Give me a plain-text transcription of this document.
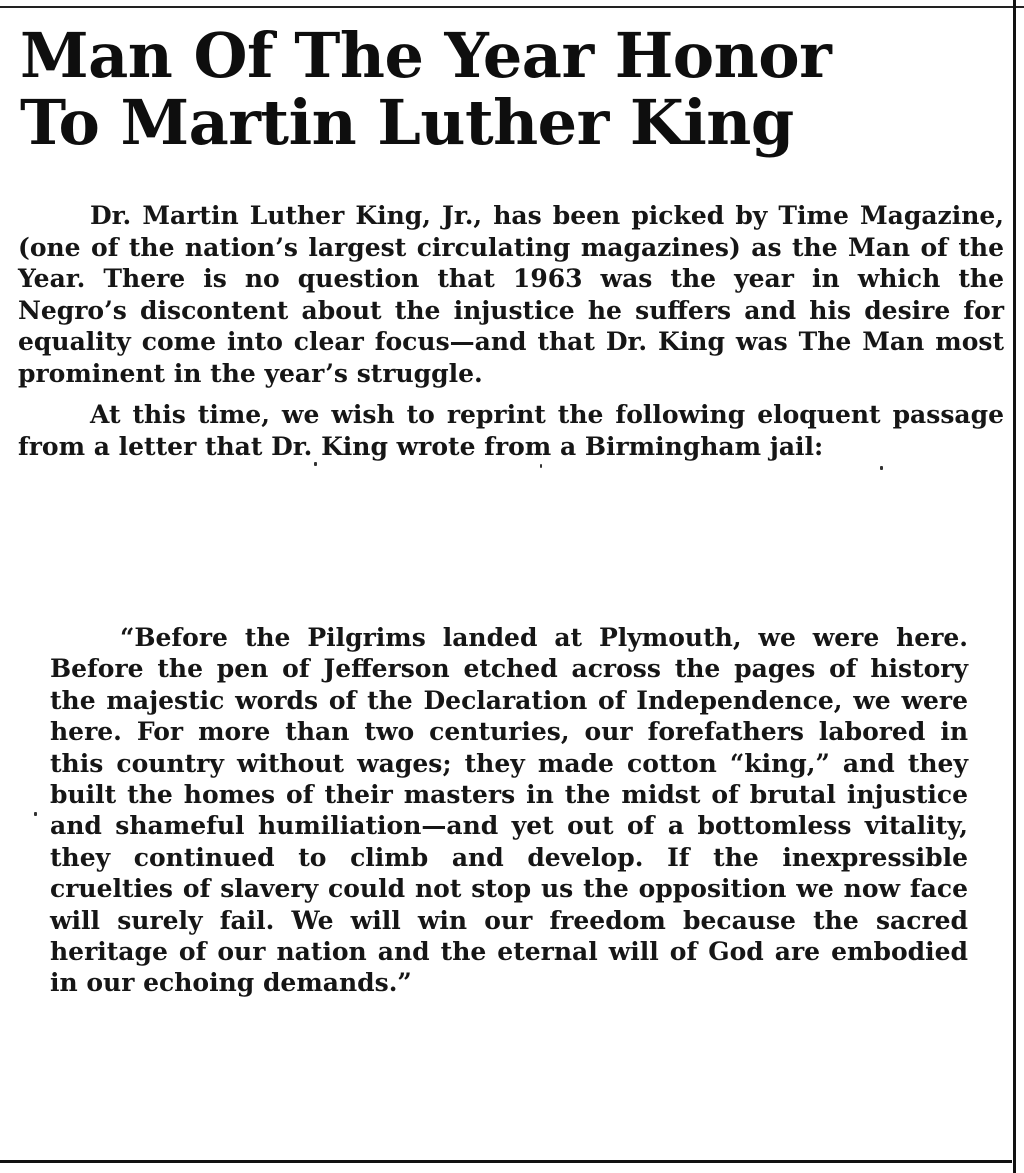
Man Of The Year Honor
To Martin Luther King

Dr. Martin Luther King, Jr., has been picked by Time Magazine, (one of the nation’s largest circulating magazines) as the Man of the Year. There is no question that 1963 was the year in which the Negro’s discontent about the injustice he suffers and his desire for equality come into clear focus—and that Dr. King was The Man most prominent in the year’s struggle.

At this time, we wish to reprint the following eloquent passage from a letter that Dr. King wrote from a Birmingham jail:

“Before the Pilgrims landed at Plymouth, we were here. Before the pen of Jefferson etched across the pages of history the majestic words of the Declaration of Independence, we were here. For more than two centuries, our forefathers labored in this country without wages; they made cotton “king,” and they built the homes of their masters in the midst of brutal injustice and shameful humiliation—and yet out of a bottomless vitality, they continued to climb and develop. If the inexpressible cruelties of slavery could not stop us the opposition we now face will surely fail. We will win our freedom because the sacred heritage of our nation and the eternal will of God are embodied in our echoing demands.”
